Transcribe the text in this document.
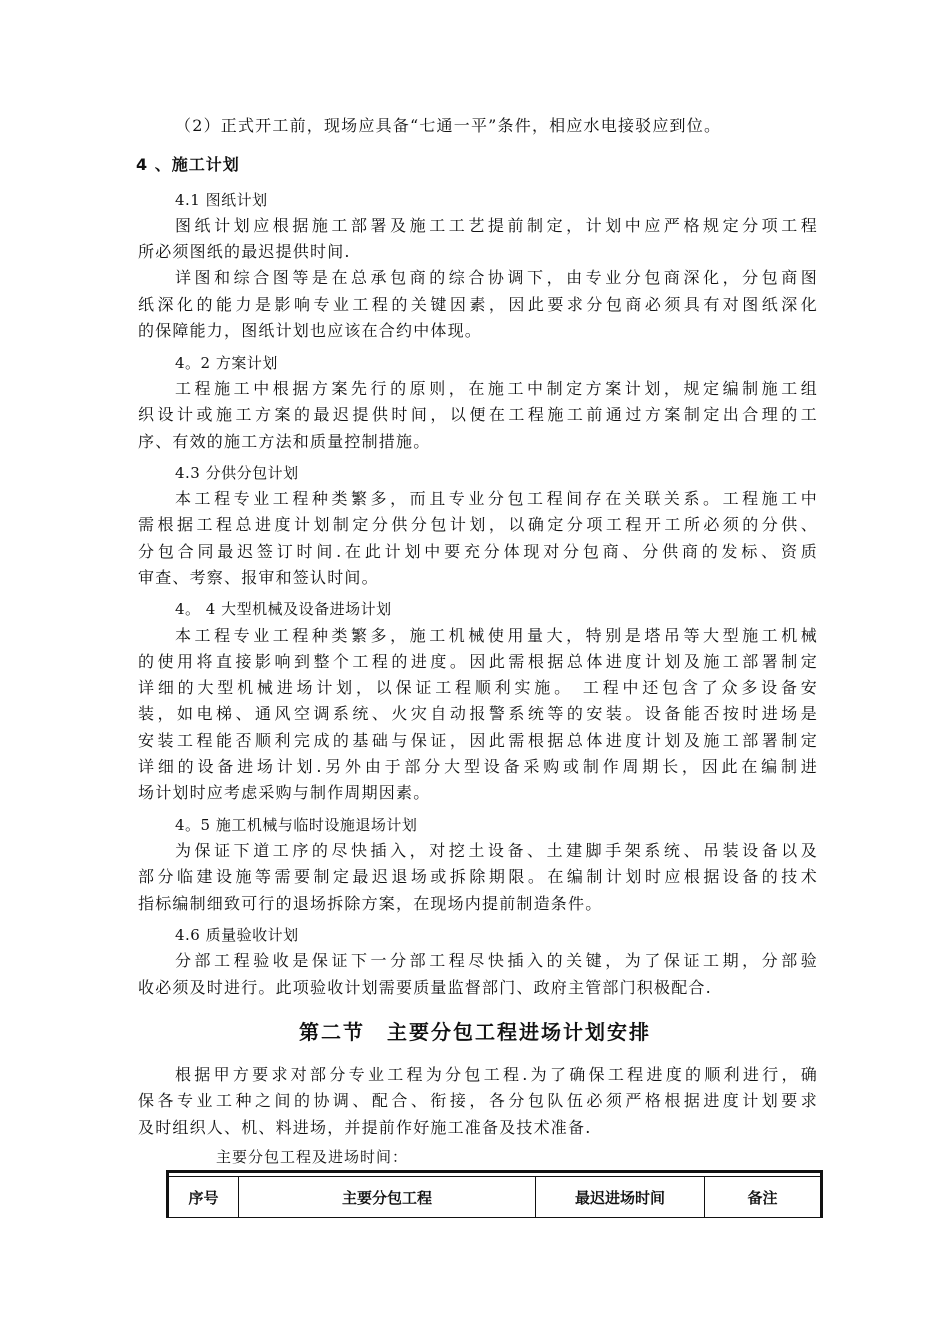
（2）正式开工前，现场应具备“七通一平”条件，相应水电接驳应到位。
4 、施工计划
4.1 图纸计划
图纸计划应根据施工部署及施工工艺提前制定，计划中应严格规定分项工程
所必须图纸的最迟提供时间.
详图和综合图等是在总承包商的综合协调下，由专业分包商深化，分包商图
纸深化的能力是影响专业工程的关键因素，因此要求分包商必须具有对图纸深化
的保障能力，图纸计划也应该在合约中体现。
4。2 方案计划
工程施工中根据方案先行的原则，在施工中制定方案计划，规定编制施工组
织设计或施工方案的最迟提供时间，以便在工程施工前通过方案制定出合理的工
序、有效的施工方法和质量控制措施。
4.3 分供分包计划
本工程专业工程种类繁多，而且专业分包工程间存在关联关系。工程施工中
需根据工程总进度计划制定分供分包计划，以确定分项工程开工所必须的分供、
分包合同最迟签订时间.在此计划中要充分体现对分包商、分供商的发标、资质
审查、考察、报审和签认时间。
4。 4 大型机械及设备进场计划
本工程专业工程种类繁多，施工机械使用量大，特别是塔吊等大型施工机械
的使用将直接影响到整个工程的进度。因此需根据总体进度计划及施工部署制定
详细的大型机械进场计划，以保证工程顺利实施。 工程中还包含了众多设备安
装，如电梯、通风空调系统、火灾自动报警系统等的安装。设备能否按时进场是
安装工程能否顺利完成的基础与保证，因此需根据总体进度计划及施工部署制定
详细的设备进场计划.另外由于部分大型设备采购或制作周期长，因此在编制进
场计划时应考虑采购与制作周期因素。
4。5 施工机械与临时设施退场计划
为保证下道工序的尽快插入，对挖土设备、土建脚手架系统、吊装设备以及
部分临建设施等需要制定最迟退场或拆除期限。在编制计划时应根据设备的技术
指标编制细致可行的退场拆除方案，在现场内提前制造条件。
4.6 质量验收计划
分部工程验收是保证下一分部工程尽快插入的关键，为了保证工期，分部验
收必须及时进行。此项验收计划需要质量监督部门、政府主管部门积极配合.
第二节 主要分包工程进场计划安排
根据甲方要求对部分专业工程为分包工程.为了确保工程进度的顺利进行，确
保各专业工种之间的协调、配合、衔接，各分包队伍必须严格根据进度计划要求
及时组织人、机、料进场，并提前作好施工准备及技术准备.
主要分包工程及进场时间：
序号	主要分包工程	最迟进场时间	备注
